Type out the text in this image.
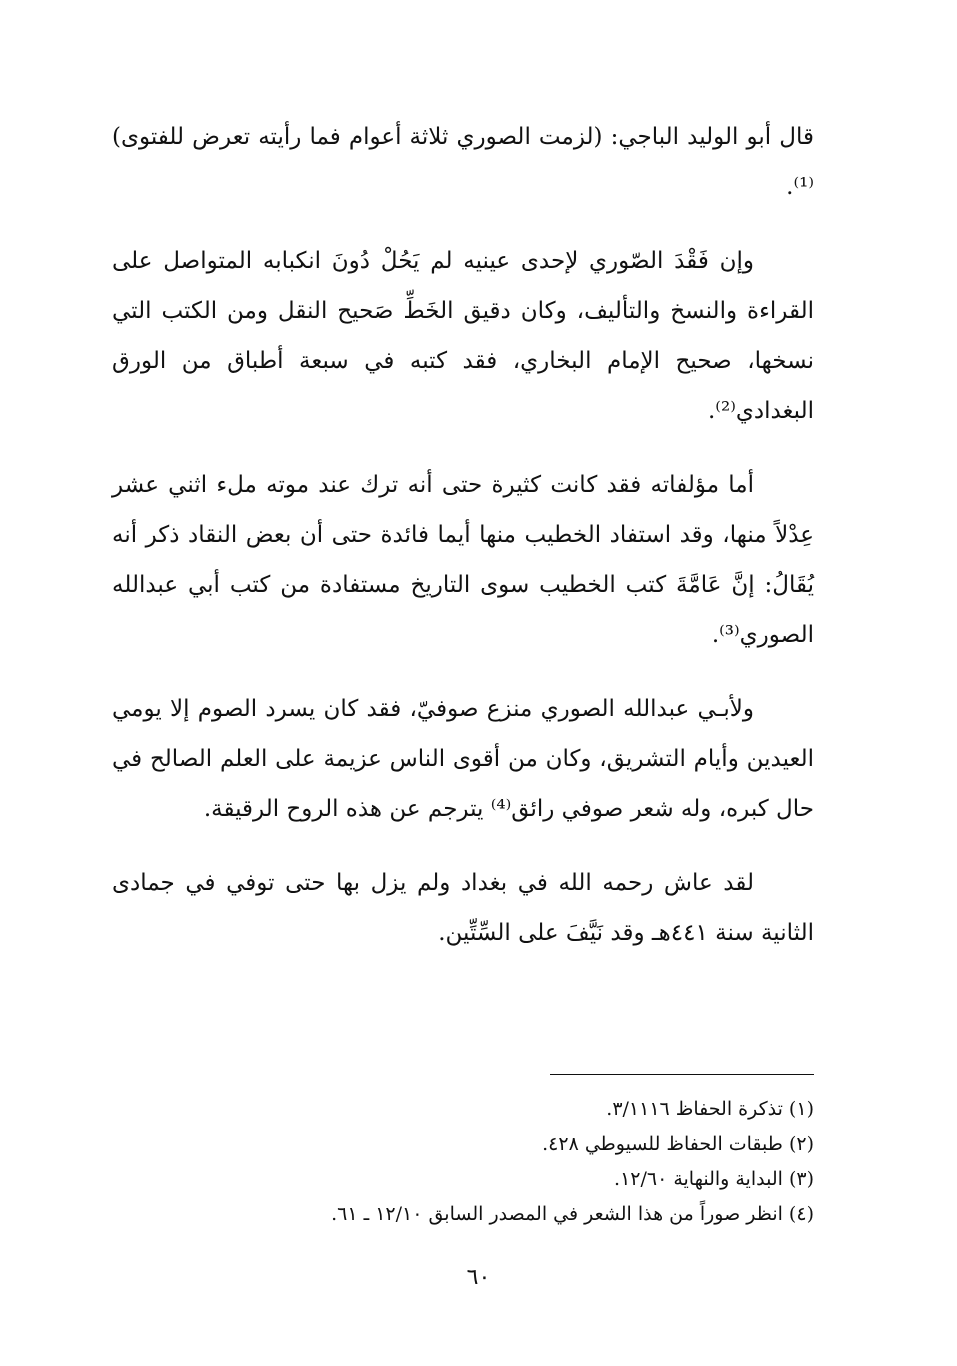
قال أبو الوليد الباجي: (لزمت الصوري ثلاثة أعوام فما رأيته تعرض للفتوى)⁽¹⁾.

وإن فَقْدَ الصّوري لإحدى عينيه لم يَحُلْ دُونَ انكبابه المتواصل على القراءة والنسخ والتأليف، وكان دقيق الخَطِّ صَحيح النقل ومن الكتب التي نسخها، صحيح الإمام البخاري، فقد كتبه في سبعة أطباق من الورق البغدادي⁽²⁾.

أما مؤلفاته فقد كانت كثيرة حتى أنه ترك عند موته ملء اثني عشر عِدْلاً منها، وقد استفاد الخطيب منها أيما فائدة حتى أن بعض النقاد ذكر أنه يُقَالُ: إنَّ عَامَّةَ كتب الخطيب سوى التاريخ مستفادة من كتب أبي عبدالله الصوري⁽³⁾.

ولأبـي عبدالله الصوري منزع صوفيّ، فقد كان يسرد الصوم إلا يومي العيدين وأيام التشريق، وكان من أقوى الناس عزيمة على العلم الصالح في حال كبره، وله شعر صوفي رائق⁽⁴⁾ يترجم عن هذه الروح الرقيقة.

لقد عاش رحمه الله في بغداد ولم يزل بها حتى توفي في جمادى الثانية سنة ٤٤١هـ وقد نَيَّفَ على السِّتِّين.

(١) تذكرة الحفاظ ٣/١١١٦.

(٢) طبقات الحفاظ للسيوطي ٤٢٨.

(٣) البداية والنهاية ١٢/٦٠.

(٤) انظر صوراً من هذا الشعر في المصدر السابق ١٢/١٠ ـ ٦١.

٦٠
